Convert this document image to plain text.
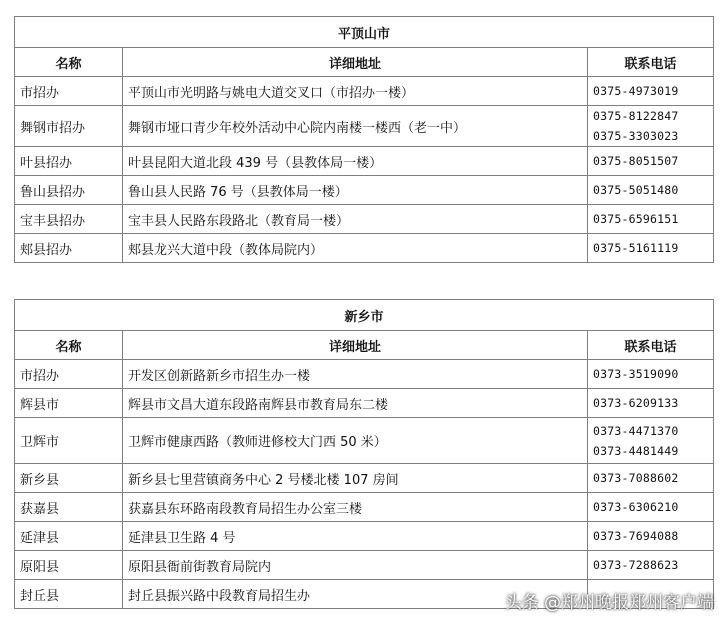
平顶山市		
名称	详细地址	联系电话
市招办	平顶山市光明路与姚电大道交叉口（市招办一楼）	0375-4973019

舞钢市招办	舞钢市垭口青少年校外活动中心院内南楼一楼西（老一中）	0375-8122847
0375-3303023

叶县招办	叶县昆阳大道北段 439 号（县教体局一楼）	0375-8051507

鲁山县招办	鲁山县人民路 76 号（县教体局一楼）	0375-5051480

宝丰县招办	宝丰县人民路东段路北（教育局一楼）	0375-6596151

郏县招办	郏县龙兴大道中段（教体局院内）	0375-5161119
新乡市		
名称	详细地址	联系电话
市招办	开发区创新路新乡市招生办一楼	0373-3519090

辉县市	辉县市文昌大道东段路南辉县市教育局东二楼	0373-6209133

卫辉市	卫辉市健康西路（教师进修校大门西 50 米）	0373-4471370
0373-4481449

新乡县	新乡县七里营镇商务中心 2 号楼北楼 107 房间	0373-7088602

获嘉县	获嘉县东环路南段教育局招生办公室三楼	0373-6306210

延津县	延津县卫生路 4 号	0373-7694088

原阳县	原阳县衙前街教育局院内	0373-7288623

封丘县	封丘县振兴路中段教育局招生办		头条 @郑州晚报郑州客户端
